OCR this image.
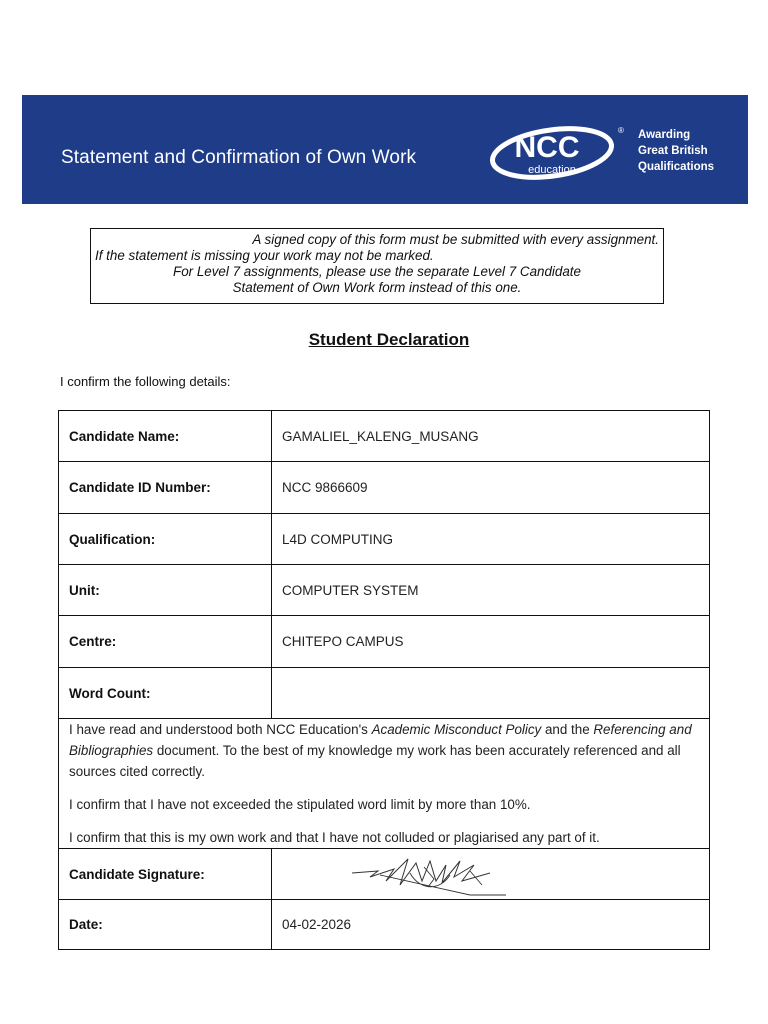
Statement and Confirmation of Own Work	NCC
education
® Awarding
Great British
Qualifications
A signed copy of this form must be submitted with every assignment.
If the statement is missing your work may not be marked.
For Level 7 assignments, please use the separate Level 7 Candidate
Statement of Own Work form instead of this one.
Student Declaration
I confirm the following details:
Candidate Name:	GAMALIEL_KALENG_MUSANG
Candidate ID Number:	NCC 9866609
Qualification:	L4D COMPUTING
Unit:	COMPUTER SYSTEM
Centre:	CHITEPO CAMPUS
Word Count:	

I have read and understood both NCC Education's Academic Misconduct Policy and the Referencing and Bibliographies document. To the best of my knowledge my work has been accurately referenced and all sources cited correctly.

I confirm that I have not exceeded the stipulated word limit by more than 10%.

I confirm that this is my own work and that I have not colluded or plagiarised any part of it.	

Candidate Signature:	

Date:	04-02-2026
